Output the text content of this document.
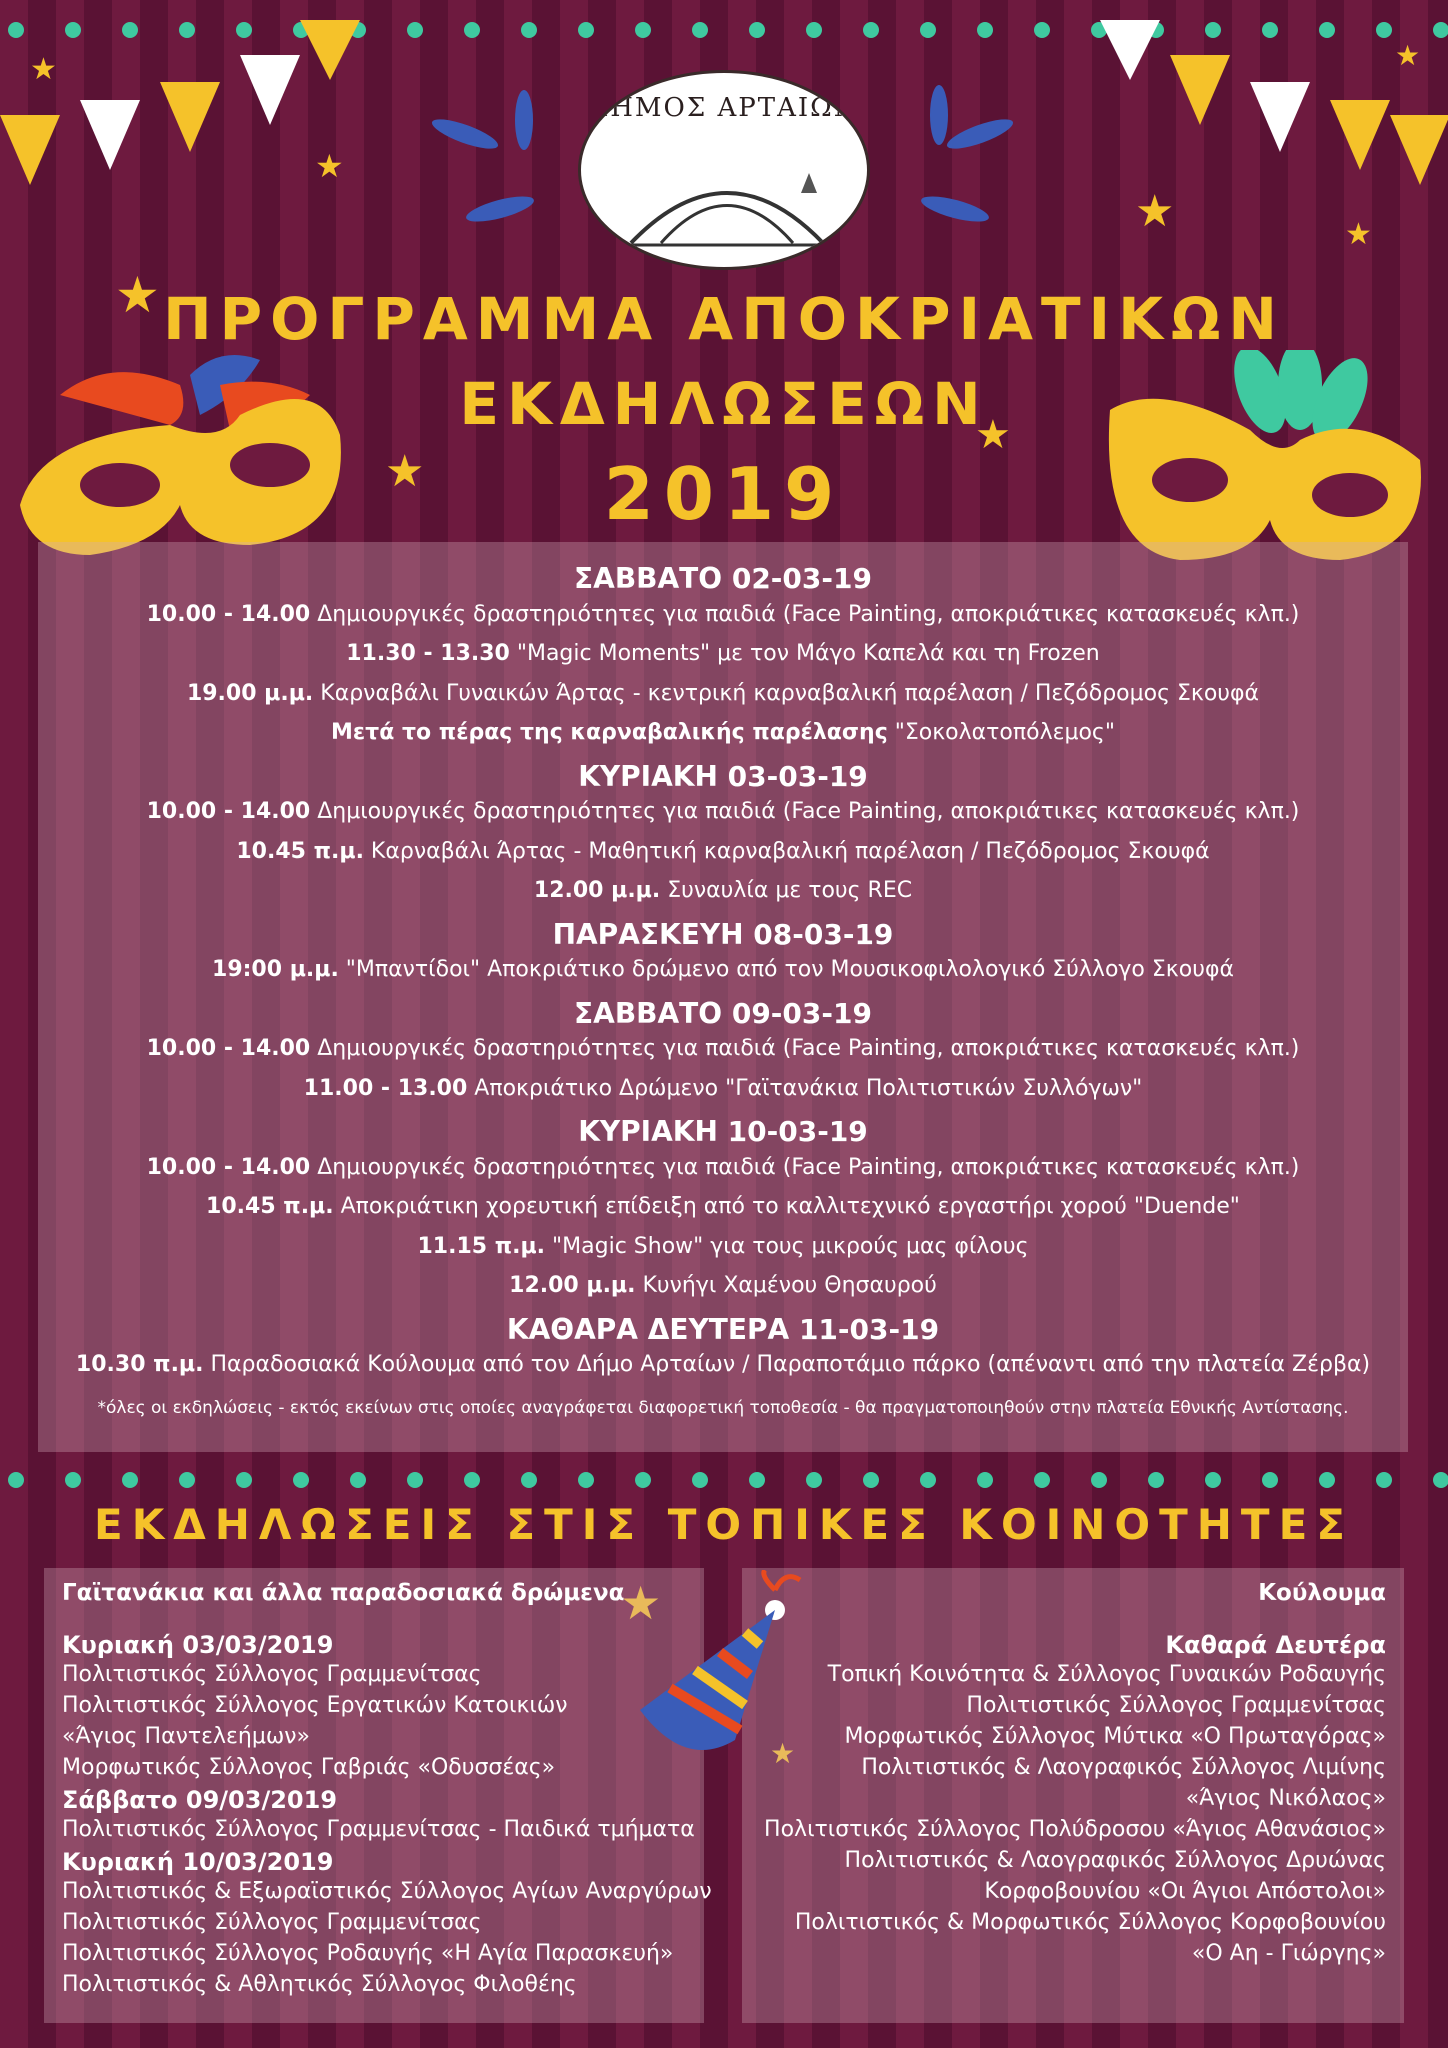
★
★
★
★
★
★	★
★
★
★
ΔΗΜΟΣ ΑΡΤΑΙΩΝ
ΠΡΟΓΡΑΜΜΑ ΑΠΟΚΡΙΑΤΙΚΩΝ
ΕΚΔΗΛΩΣΕΩΝ
2019
ΣΑΒΒΑΤΟ 02-03-19
10.00 - 14.00 Δημιουργικές δραστηριότητες για παιδιά (Face Painting, αποκριάτικες κατασκευές κλπ.)
11.30 - 13.30 "Magic Moments" με τον Μάγο Καπελά και τη Frozen
19.00 μ.μ. Καρναβάλι Γυναικών Άρτας - κεντρική καρναβαλική παρέλαση / Πεζόδρομος Σκουφά
Μετά το πέρας της καρναβαλικής παρέλασης "Σοκολατοπόλεμος"
ΚΥΡΙΑΚΗ 03-03-19
10.00 - 14.00 Δημιουργικές δραστηριότητες για παιδιά (Face Painting, αποκριάτικες κατασκευές κλπ.)
10.45 π.μ. Καρναβάλι Άρτας - Μαθητική καρναβαλική παρέλαση / Πεζόδρομος Σκουφά
12.00 μ.μ. Συναυλία με τους REC
ΠΑΡΑΣΚΕΥΗ 08-03-19
19:00 μ.μ. "Μπαντίδοι" Αποκριάτικο δρώμενο από τον Μουσικοφιλολογικό Σύλλογο Σκουφά
ΣΑΒΒΑΤΟ 09-03-19
10.00 - 14.00 Δημιουργικές δραστηριότητες για παιδιά (Face Painting, αποκριάτικες κατασκευές κλπ.)
11.00 - 13.00 Αποκριάτικο Δρώμενο "Γαϊτανάκια Πολιτιστικών Συλλόγων"
ΚΥΡΙΑΚΗ 10-03-19
10.00 - 14.00 Δημιουργικές δραστηριότητες για παιδιά (Face Painting, αποκριάτικες κατασκευές κλπ.)
10.45 π.μ. Αποκριάτικη χορευτική επίδειξη από το καλλιτεχνικό εργαστήρι χορού "Duende"
11.15 π.μ. "Magic Show" για τους μικρούς μας φίλους
12.00 μ.μ. Κυνήγι Χαμένου Θησαυρού
ΚΑΘΑΡΑ ΔΕΥΤΕΡΑ 11-03-19
10.30 π.μ. Παραδοσιακά Κούλουμα από τον Δήμο Αρταίων / Παραποτάμιο πάρκο (απέναντι από την πλατεία Ζέρβα)
*όλες οι εκδηλώσεις - εκτός εκείνων στις οποίες αναγράφεται διαφορετική τοποθεσία - θα πραγματοποιηθούν στην πλατεία Εθνικής Αντίστασης.
ΕΚΔΗΛΩΣΕΙΣ ΣΤΙΣ ΤΟΠΙΚΕΣ ΚΟΙΝΟΤΗΤΕΣ
Γαϊτανάκια και άλλα παραδοσιακά δρώμενα
Κυριακή 03/03/2019
Πολιτιστικός Σύλλογος Γραμμενίτσας
Πολιτιστικός Σύλλογος Εργατικών Κατοικιών
«Άγιος Παντελεήμων»
Μορφωτικός Σύλλογος Γαβριάς «Οδυσσέας»
Σάββατο 09/03/2019
Πολιτιστικός Σύλλογος Γραμμενίτσας - Παιδικά τμήματα
Κυριακή 10/03/2019
Πολιτιστικός & Εξωραϊστικός Σύλλογος Αγίων Αναργύρων
Πολιτιστικός Σύλλογος Γραμμενίτσας
Πολιτιστικός Σύλλογος Ροδαυγής «Η Αγία Παρασκευή»
Πολιτιστικός & Αθλητικός Σύλλογος Φιλοθέης
Κούλουμα
Καθαρά Δευτέρα
Τοπική Κοινότητα & Σύλλογος Γυναικών Ροδαυγής
Πολιτιστικός Σύλλογος Γραμμενίτσας
Μορφωτικός Σύλλογος Μύτικα «Ο Πρωταγόρας»
Πολιτιστικός & Λαογραφικός Σύλλογος Λιμίνης
«Άγιος Νικόλαος»
Πολιτιστικός Σύλλογος Πολύδροσου «Άγιος Αθανάσιος»
Πολιτιστικός & Λαογραφικός Σύλλογος Δρυώνας
Κορφοβουνίου «Οι Άγιοι Απόστολοι»
Πολιτιστικός & Μορφωτικός Σύλλογος Κορφοβουνίου
«Ο Αη - Γιώργης»
